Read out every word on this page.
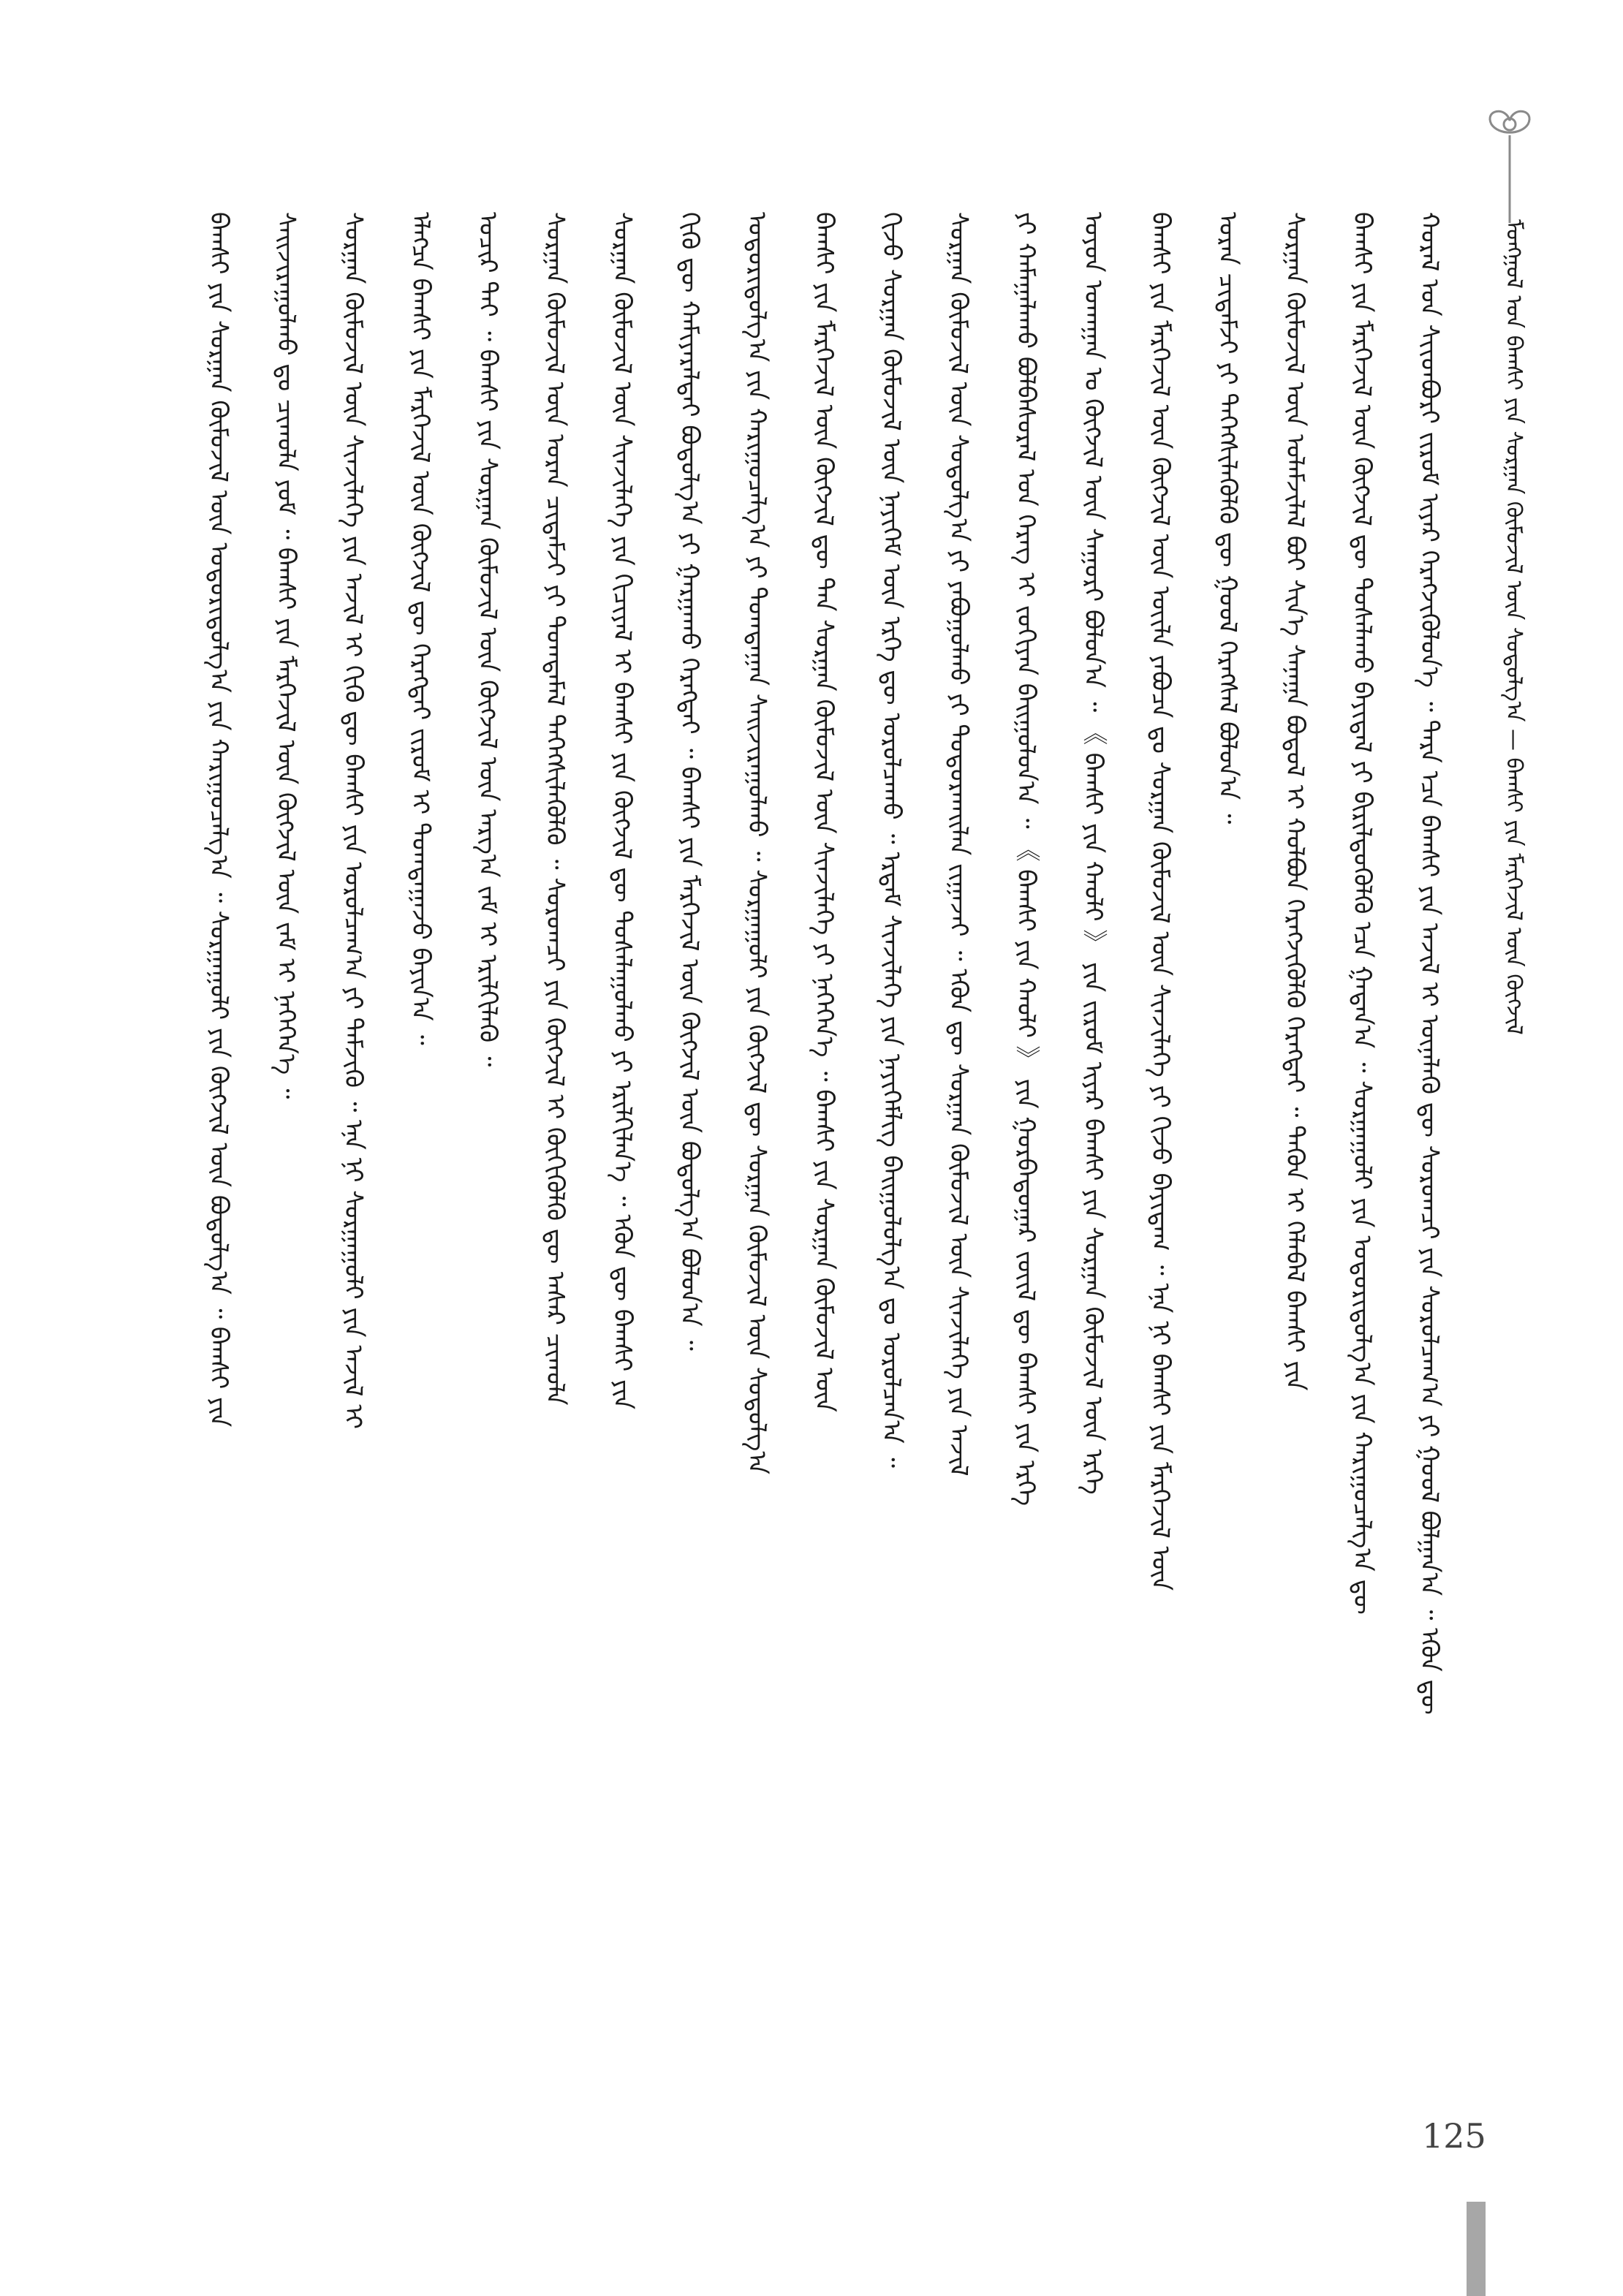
ᠮᠣᠩᠭᠣᠯ ᠤᠨ ᠪᠠᠭᠰᠢ ᠶᠢᠨ ᠰᠤᠷᠭᠠᠨ ᠬᠦᠮᠦᠵᠢᠯ ᠦᠨ ᠰᠤᠳᠤᠯᠭ᠎ᠠ — ᠪᠠᠭᠰᠢ ᠶᠢᠨ ᠮᠡᠷᠭᠡᠵᠢᠯ ᠦᠨ ᠬᠥᠭᠵᠢᠯ
ᠬᠤᠷᠠᠯ ᠤᠨ ᠰᠢᠢᠳᠪᠦᠷᠢ ᠵᠢᠷᠤᠮ ᠢᠶᠠᠷ ᠬᠡᠷᠡᠭᠵᠢᠭᠦᠯᠦᠨ᠎ᠡ ᠃ ᠲᠡᠷᠡ ᠡᠴᠡ ᠪᠠᠭᠰᠢ ᠶᠢᠨ ᠠᠵᠢᠯ ᠢ ᠦᠨᠡᠯᠡᠬᠦ ᠳᠦ ᠰᠤᠷᠤᠭᠴᠢ ᠶᠢᠨ ᠰᠤᠷᠤᠯᠴᠠᠭ᠎ᠠ ᠶᠢ ᠭᠤᠤᠯ ᠪᠣᠯᠭᠠᠨ᠎ᠠ ᠃ ᠡᠭᠦᠨ ᠳᠦ
ᠪᠠᠭᠰᠢ ᠶᠢᠨ ᠮᠡᠷᠭᠡᠵᠢᠯ ᠦᠨ ᠬᠥᠭᠵᠢᠯ ᠳᠦ ᠲᠤᠰᠠᠯᠠᠬᠤ ᠪᠠᠶᠢᠳᠠᠯ ᠶᠢ ᠪᠢᠷᠢᠯᠳᠦᠭᠦᠯᠬᠦ ᠡᠴᠡ ᠭᠠᠳᠠᠨ᠎ᠠ ᠃ ᠰᠤᠷᠭᠠᠭᠤᠯᠢ ᠶᠢᠨ ᠤᠳᠤᠷᠢᠳᠤᠯᠭ᠎ᠠ ᠶᠢᠨ ᠬᠠᠷᠢᠭᠤᠴᠠᠯᠭ᠎ᠠ ᠳᠦ
ᠰᠤᠷᠭᠠᠨ ᠬᠦᠮᠦᠵᠢᠯ ᠦᠨ ᠤᠯᠠᠮᠵᠢᠯᠠᠯ ᠪᠤᠢ ᠰᠢᠨ᠎ᠡ ᠰᠠᠨᠠᠭᠠ ᠪᠣᠳᠤᠯ ᠢ ᠬᠣᠯᠪᠣᠨ ᠬᠡᠷᠡᠭᠵᠢᠭᠦᠯᠬᠦ ᠬᠡᠷᠡᠭᠲᠡᠢ ᠃ ᠲᠡᠭᠦᠨ ᠢ ᠬᠡᠯᠡᠪᠡᠯ ᠪᠠᠭᠰᠢ ᠶᠢᠨ
ᠤᠷᠠᠨ ᠴᠢᠳᠠᠮᠵᠢ ᠶᠢ ᠳᠡᠭᠡᠭᠰᠢᠯᠡᠭᠦᠯᠬᠦ ᠳᠦ ᠭᠣᠣᠯ ᠬᠡᠷᠡᠭᠰᠡᠯ ᠪᠣᠯᠣᠨ᠎ᠠ ᠃
ᠪᠠᠭᠰᠢ ᠶᠢᠨ ᠮᠡᠷᠭᠡᠵᠢᠯ ᠦᠨ ᠬᠥᠭᠵᠢᠯ ᠦᠨ ᠦᠢᠯᠡ ᠶᠠᠪᠤᠴᠠ ᠳᠤ ᠰᠤᠷᠭᠠᠨ ᠬᠦᠮᠦᠵᠢᠯ ᠦᠨ ᠰᠢᠨᠵᠢᠯᠡᠭᠡ ᠶᠢ ᠬᠢᠵᠦ ᠪᠠᠶᠢᠳᠠᠭ ᠃ ᠡᠨᠡ ᠨᠢ ᠪᠠᠭᠰᠢ ᠶᠢᠨ ᠮᠡᠷᠭᠡᠵᠢᠯ ᠦᠨ
ᠣᠶᠤᠨ ᠤᠬᠠᠭᠠᠨ ᠤ ᠬᠥᠭᠵᠢᠯ ᠦᠨ ᠰᠠᠭᠤᠷᠢ ᠪᠣᠯᠤᠨ᠎ᠠ ᠃ 《 ᠪᠠᠭᠰᠢ ᠶᠢᠨ ᠬᠠᠤᠯᠢ 》 ᠶᠢᠨ ᠵᠢᠷᠤᠮ ᠢᠶᠠᠷ ᠪᠠᠭᠰᠢ ᠶᠢᠨ ᠰᠤᠷᠭᠠᠨ ᠬᠦᠮᠦᠵᠢᠯ ᠦᠨ ᠡᠷᠬᠡ
ᠶᠢ ᠬᠠᠮᠠᠭᠠᠯᠠᠬᠤ ᠪᠣᠯᠪᠠᠰᠤᠷᠠᠯ ᠤᠨ ᠬᠡᠷᠡᠭ ᠢ ᠵᠣᠬᠢᠶᠠᠨ ᠪᠠᠢᠭᠤᠯᠤᠨ᠎ᠠ ᠃ 《 ᠪᠠᠭᠰᠢ ᠶᠢᠨ ᠬᠠᠤᠯᠢ 》 ᠶᠢᠨ ᠭᠤᠷᠪᠠᠳᠤᠭᠠᠷ ᠵᠦᠢᠯ ᠳᠦ ᠪᠠᠭᠰᠢ ᠶᠢᠨ ᠡᠷᠬᠡ
ᠰᠤᠷᠭᠠᠨ ᠬᠦᠮᠦᠵᠢᠯ ᠦᠨ ᠰᠤᠳᠤᠯᠭ᠎ᠠ ᠶᠢ ᠶᠠᠪᠤᠭᠤᠯᠬᠤ ᠶᠢ ᠲᠣᠳᠤᠷᠬᠠᠢᠯᠠᠨ ᠵᠢᠭᠠᠵᠠᠢ ᠃ ᠡᠭᠦᠨ ᠳᠦ ᠰᠤᠷᠭᠠᠨ ᠬᠦᠮᠦᠵᠢᠯ ᠦᠨ ᠰᠢᠨᠵᠢᠯᠡᠭᠡ ᠶᠢᠨ ᠠᠵᠢᠯ
ᠬᠢᠵᠦ ᠰᠤᠷᠭᠠᠨ ᠬᠦᠮᠦᠵᠢᠯ ᠦᠨ ᠨᠡᠶᠢᠭᠡᠮ ᠦᠨ ᠡᠷᠬᠡ ᠳᠦ ᠣᠷᠣᠯᠴᠠᠬᠤ ᠃ ᠡᠷᠳᠡᠮ ᠰᠢᠨᠵᠢᠯᠡᠭᠡ ᠶᠢᠨ ᠨᠡᠶᠢᠭᠡᠮᠯᠢᠭ ᠪᠠᠢᠭᠤᠯᠤᠯᠭ᠎ᠠ ᠳᠤ ᠣᠷᠣᠯᠴᠠᠨ᠎ᠠ ᠃
ᠪᠠᠭᠰᠢ ᠶᠢᠨ ᠮᠡᠷᠭᠡᠵᠢᠯ ᠦᠨ ᠬᠥᠭᠵᠢᠯ ᠳᠦ ᠲᠠᠨ ᠰᠤᠷᠭᠠᠨ ᠬᠦᠮᠦᠵᠢᠯ ᠦᠨ ᠰᠢᠨᠵᠢᠯᠡᠭᠡ ᠶᠢ ᠨᠡᠭᠡᠭᠡᠨ᠎ᠡ ᠃ ᠪᠠᠭᠰᠢ ᠶᠢᠨ ᠰᠤᠷᠭᠠᠨ ᠬᠦᠮᠦᠵᠢᠯ ᠦᠨ
ᠤᠳᠤᠷᠢᠳᠤᠯᠭ᠎ᠠ ᠶᠢᠨ ᠬᠠᠷᠢᠭᠤᠴᠠᠯᠭ᠎ᠠ ᠶᠢ ᠲᠣᠭᠲᠠᠭᠠᠨ ᠰᠠᠢᠵᠢᠷᠠᠭᠤᠯᠬᠤ ᠃ ᠰᠤᠷᠭᠠᠭᠤᠯᠢ ᠶᠢᠨ ᠬᠥᠭᠵᠢᠯ ᠳᠦ ᠰᠤᠷᠭᠠᠨ ᠬᠦᠮᠦᠵᠢᠯ ᠦᠨ ᠰᠤᠳᠤᠯᠭ᠎ᠠ
ᠬᠢᠬᠦ ᠳᠦ ᠬᠠᠮᠢᠶᠠᠷᠠᠯᠲᠠᠢ ᠪᠣᠳᠤᠯᠭ᠎ᠠ ᠶᠢ ᠭᠠᠷᠭᠠᠬᠤ ᠬᠡᠷᠡᠭᠲᠡᠢ ᠃ ᠪᠠᠭᠰᠢ ᠶᠢᠨ ᠮᠡᠷᠭᠡᠵᠢᠯ ᠦᠨ ᠬᠥᠭᠵᠢᠯ ᠦᠨ ᠪᠣᠳᠤᠯᠭ᠎ᠠ ᠪᠣᠯᠣᠨ᠎ᠠ ᠃
ᠰᠤᠷᠭᠠᠨ ᠬᠦᠮᠦᠵᠢᠯ ᠦᠨ ᠰᠢᠨᠵᠢᠯᠡᠭᠡ ᠶᠢᠨ ᠬᠢᠴᠢᠶᠡᠯ ᠢ ᠪᠠᠭᠰᠢ ᠶᠢᠨ ᠬᠥᠭᠵᠢᠯ ᠳᠦ ᠲᠤᠰᠠᠯᠠᠭᠤᠯᠬᠤ ᠶᠢ ᠡᠷᠢᠯᠬᠢᠯᠡᠨ᠎ᠡ ᠃ ᠡᠭᠦᠨ ᠳᠦ ᠪᠠᠭᠰᠢ ᠶᠢᠨ
ᠰᠤᠷᠭᠠᠨ ᠬᠦᠮᠦᠵᠢᠯ ᠦᠨ ᠤᠷᠠᠨ ᠴᠢᠳᠠᠮᠵᠢ ᠶᠢ ᠲᠣᠭᠲᠠᠮᠠᠯ ᠳᠡᠭᠡᠭᠰᠢᠯᠡᠭᠦᠯᠬᠦ ᠃ ᠰᠤᠷᠤᠭᠴᠢ ᠶᠢᠨ ᠬᠥᠭᠵᠢᠯ ᠢ ᠬᠥᠬᠢᠭᠦᠯᠬᠦ ᠳᠦ ᠠᠰᠠᠷ ᠴᠢᠬᠤᠯᠠ
ᠤᠴᠢᠷ ᠲᠠᠢ ᠃ ᠪᠠᠭᠰᠢ ᠶᠢᠨ ᠰᠤᠷᠭᠠᠨ ᠬᠦᠮᠦᠵᠢᠯ ᠦᠨ ᠬᠥᠭᠵᠢᠯ ᠦᠨ ᠠᠷᠭ᠎ᠠ ᠵᠠᠮ ᠢ ᠡᠷᠢᠯᠬᠢᠯᠡᠬᠦ ᠃
ᠡᠯᠡᠭᠴᠡ ᠪᠠᠭᠰᠢ ᠶᠢᠨ ᠮᠡᠷᠭᠡᠵᠢᠯ ᠦᠨ ᠬᠥᠭᠵᠢᠯ ᠳᠦ ᠬᠡᠷᠡᠭᠲᠡᠢ ᠵᠢᠷᠤᠮ ᠢ ᠲᠣᠭᠲᠠᠭᠠᠵᠤ ᠪᠠᠶᠢᠨ᠎ᠠ ᠃
ᠰᠤᠷᠭᠠᠨ ᠬᠦᠮᠦᠵᠢᠯ ᠦᠨ ᠰᠢᠨᠵᠢᠯᠡᠭᠡ ᠶᠢᠨ ᠠᠵᠢᠯ ᠢ ᠬᠢᠬᠦ ᠳᠦ ᠪᠠᠭᠰᠢ ᠶᠢᠨ ᠣᠷᠣᠯᠴᠠᠭ᠎ᠠ ᠶᠢ ᠳᠡᠮᠵᠢᠬᠦ ᠃ ᠡᠨᠡ ᠨᠢ ᠰᠤᠷᠭᠠᠭᠤᠯᠢ ᠶᠢᠨ ᠠᠵᠢᠯ ᠢ
ᠰᠠᠢᠵᠢᠷᠠᠭᠤᠯᠬᠤ ᠳᠤ ᠴᠢᠬᠤᠯᠠ ᠶᠤᠮ ᠃ ᠪᠠᠭᠰᠢ ᠶᠢᠨ ᠮᠡᠷᠭᠡᠵᠢᠯ ᠦᠨ ᠬᠥᠭᠵᠢᠯ ᠦᠨ ᠵᠠᠮ ᠢ ᠨᠡᠭᠡᠭᠡᠨ᠎ᠡ ᠃
ᠪᠠᠭᠰᠢ ᠶᠢᠨ ᠰᠤᠷᠭᠠᠨ ᠬᠦᠮᠦᠵᠢᠯ ᠦᠨ ᠤᠳᠤᠷᠢᠳᠤᠯᠭ᠎ᠠ ᠶᠢᠨ ᠬᠠᠷᠢᠭᠤᠴᠠᠯᠭ᠎ᠠ ᠃ ᠰᠤᠷᠭᠠᠭᠤᠯᠢ ᠶᠢᠨ ᠬᠥᠭᠵᠢᠯ ᠦᠨ ᠪᠣᠳᠤᠯᠭ᠎ᠠ ᠃ ᠪᠠᠭᠰᠢ ᠶᠢᠨ
125
